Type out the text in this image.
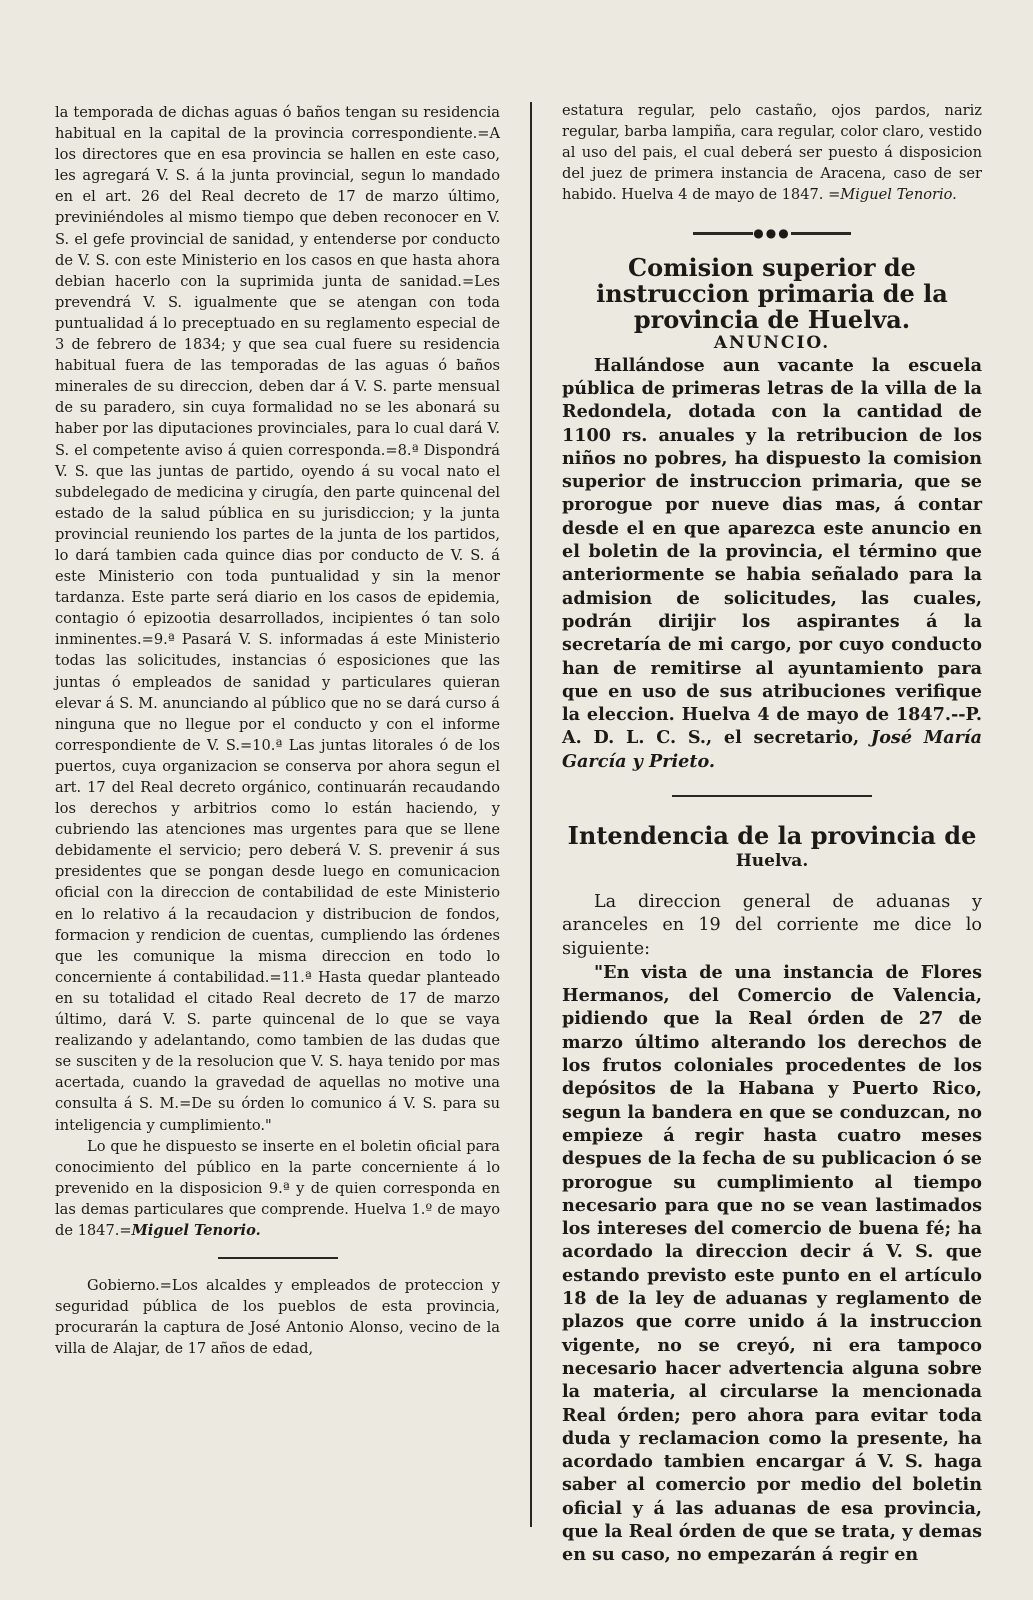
la temporada de dichas aguas ó baños tengan su residencia habitual en la capital de la provincia correspondiente.=A los directores que en esa provincia se hallen en este caso, les agregará V. S. á la junta provincial, segun lo mandado en el art. 26 del Real decreto de 17 de marzo último, previniéndoles al mismo tiempo que deben reconocer en V. S. el gefe provincial de sanidad, y entenderse por conducto de V. S. con este Ministerio en los casos en que hasta ahora debian hacerlo con la suprimida junta de sanidad.=Les prevendrá V. S. igualmente que se atengan con toda puntualidad á lo preceptuado en su reglamento especial de 3 de febrero de 1834; y que sea cual fuere su residencia habitual fuera de las temporadas de las aguas ó baños minerales de su direccion, deben dar á V. S. parte mensual de su paradero, sin cuya formalidad no se les abonará su haber por las diputaciones provinciales, para lo cual dará V. S. el competente aviso á quien corresponda.=8.ª Dispondrá V. S. que las juntas de partido, oyendo á su vocal nato el subdelegado de medicina y cirugía, den parte quincenal del estado de la salud pública en su jurisdiccion; y la junta provincial reuniendo los partes de la junta de los partidos, lo dará tambien cada quince dias por conducto de V. S. á este Ministerio con toda puntualidad y sin la menor tardanza. Este parte será diario en los casos de epidemia, contagio ó epizootia desarrollados, incipientes ó tan solo inminentes.=9.ª Pasará V. S. informadas á este Ministerio todas las solicitudes, instancias ó esposiciones que las juntas ó empleados de sanidad y particulares quieran elevar á S. M. anunciando al público que no se dará curso á ninguna que no llegue por el conducto y con el informe correspondiente de V. S.=10.ª Las juntas litorales ó de los puertos, cuya organizacion se conserva por ahora segun el art. 17 del Real decreto orgánico, continuarán recaudando los derechos y arbitrios como lo están haciendo, y cubriendo las atenciones mas urgentes para que se llene debidamente el servicio; pero deberá V. S. prevenir á sus presidentes que se pongan desde luego en comunicacion oficial con la direccion de contabilidad de este Ministerio en lo relativo á la recaudacion y distribucion de fondos, formacion y rendicion de cuentas, cumpliendo las órdenes que les comunique la misma direccion en todo lo concerniente á contabilidad.=11.ª Hasta quedar planteado en su totalidad el citado Real decreto de 17 de marzo último, dará V. S. parte quincenal de lo que se vaya realizando y adelantando, como tambien de las dudas que se susciten y de la resolucion que V. S. haya tenido por mas acertada, cuando la gravedad de aquellas no motive una consulta á S. M.=De su órden lo comunico á V. S. para su inteligencia y cumplimiento."

Lo que he dispuesto se inserte en el boletin oficial para conocimiento del público en la parte concerniente á lo prevenido en la disposicion 9.ª y de quien corresponda en las demas particulares que comprende. Huelva 1.º de mayo de 1847.=Miguel Tenorio.

Gobierno.=Los alcaldes y empleados de proteccion y seguridad pública de los pueblos de esta provincia, procurarán la captura de José Antonio Alonso, vecino de la villa de Alajar, de 17 años de edad,

estatura regular, pelo castaño, ojos pardos, nariz regular, barba lampiña, cara regular, color claro, vestido al uso del pais, el cual deberá ser puesto á disposicion del juez de primera instancia de Aracena, caso de ser habido. Huelva 4 de mayo de 1847. =Miguel Tenorio.

●●●

Comision superior de instruccion primaria de la provincia de Huelva.

ANUNCIO.

Hallándose aun vacante la escuela pública de primeras letras de la villa de la Redondela, dotada con la cantidad de 1100 rs. anuales y la retribucion de los niños no pobres, ha dispuesto la comision superior de instruccion primaria, que se prorogue por nueve dias mas, á contar desde el en que aparezca este anuncio en el boletin de la provincia, el término que anteriormente se habia señalado para la admision de solicitudes, las cuales, podrán dirijir los aspirantes á la secretaría de mi cargo, por cuyo conducto han de remitirse al ayuntamiento para que en uso de sus atribuciones verifique la eleccion. Huelva 4 de mayo de 1847.--P. A. D. L. C. S., el secretario, José María García y Prieto.

Intendencia de la provincia de

Huelva.

La direccion general de aduanas y aranceles en 19 del corriente me dice lo siguiente:

"En vista de una instancia de Flores Hermanos, del Comercio de Valencia, pidiendo que la Real órden de 27 de marzo último alterando los derechos de los frutos coloniales procedentes de los depósitos de la Habana y Puerto Rico, segun la bandera en que se conduzcan, no empieze á regir hasta cuatro meses despues de la fecha de su publicacion ó se prorogue su cumplimiento al tiempo necesario para que no se vean lastimados los intereses del comercio de buena fé; ha acordado la direccion decir á V. S. que estando previsto este punto en el artículo 18 de la ley de aduanas y reglamento de plazos que corre unido á la instruccion vigente, no se creyó, ni era tampoco necesario hacer advertencia alguna sobre la materia, al circularse la mencionada Real órden; pero ahora para evitar toda duda y reclamacion como la presente, ha acordado tambien encargar á V. S. haga saber al comercio por medio del boletin oficial y á las aduanas de esa provincia, que la Real órden de que se trata, y demas en su caso, no empezarán á regir en
